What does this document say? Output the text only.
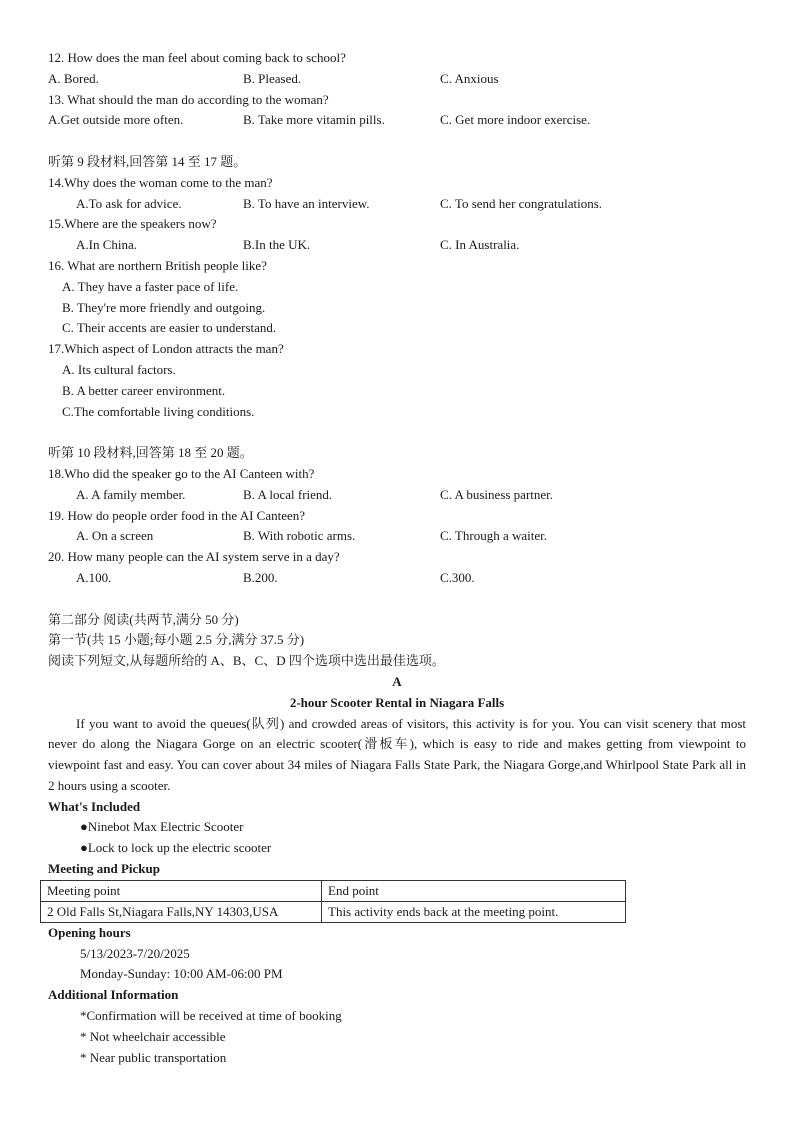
12. How does the man feel about coming back to school?
A. Bored.	B. Pleased.	C. Anxious
13. What should the man do according to the woman?
A.Get outside more often.	B. Take more vitamin pills.	C. Get more indoor exercise.
听第 9 段材料,回答第 14 至 17 题。
14.Why does the woman come to the man?
A.To ask for advice.	B. To have an interview.	C. To send her congratulations.
15.Where are the speakers now?
A.In China.	B.In the UK.	C. In Australia.
16. What are northern British people like?
A. They have a faster pace of life.
B. They're more friendly and outgoing.
C. Their accents are easier to understand.
17.Which aspect of London attracts the man?
A. Its cultural factors.
B. A better career environment.
C.The comfortable living conditions.
听第 10 段材料,回答第 18 至 20 题。
18.Who did the speaker go to the AI Canteen with?
A. A family member.	B. A local friend.	C. A business partner.
19. How do people order food in the AI Canteen?
A. On a screen	B. With robotic arms.	C. Through a waiter.
20. How many people can the AI system serve in a day?
A.100.	B.200.	C.300.
第二部分 阅读(共两节,满分 50 分)
第一节(共 15 小题;每小题 2.5 分,满分 37.5 分)
阅读下列短文,从每题所给的 A、B、C、D 四个选项中选出最佳选项。
A
2-hour Scooter Rental in Niagara Falls

If you want to avoid the queues(队列) and crowded areas of visitors, this activity is for you. You can visit scenery that most never do along the Niagara Gorge on an electric scooter(滑板车), which is easy to ride and makes getting from viewpoint to viewpoint fast and easy. You can cover about 34 miles of Niagara Falls State Park, the Niagara Gorge,and Whirlpool State Park all in 2 hours using a scooter.

What's Included
●Ninebot Max Electric Scooter
●Lock to lock up the electric scooter
Meeting and Pickup
Meeting point	End point
2 Old Falls St,Niagara Falls,NY 14303,USA	This activity ends back at the meeting point.
Opening hours
5/13/2023-7/20/2025
Monday-Sunday: 10:00 AM-06:00 PM
Additional Information
*Confirmation will be received at time of booking
* Not wheelchair accessible
* Near public transportation
